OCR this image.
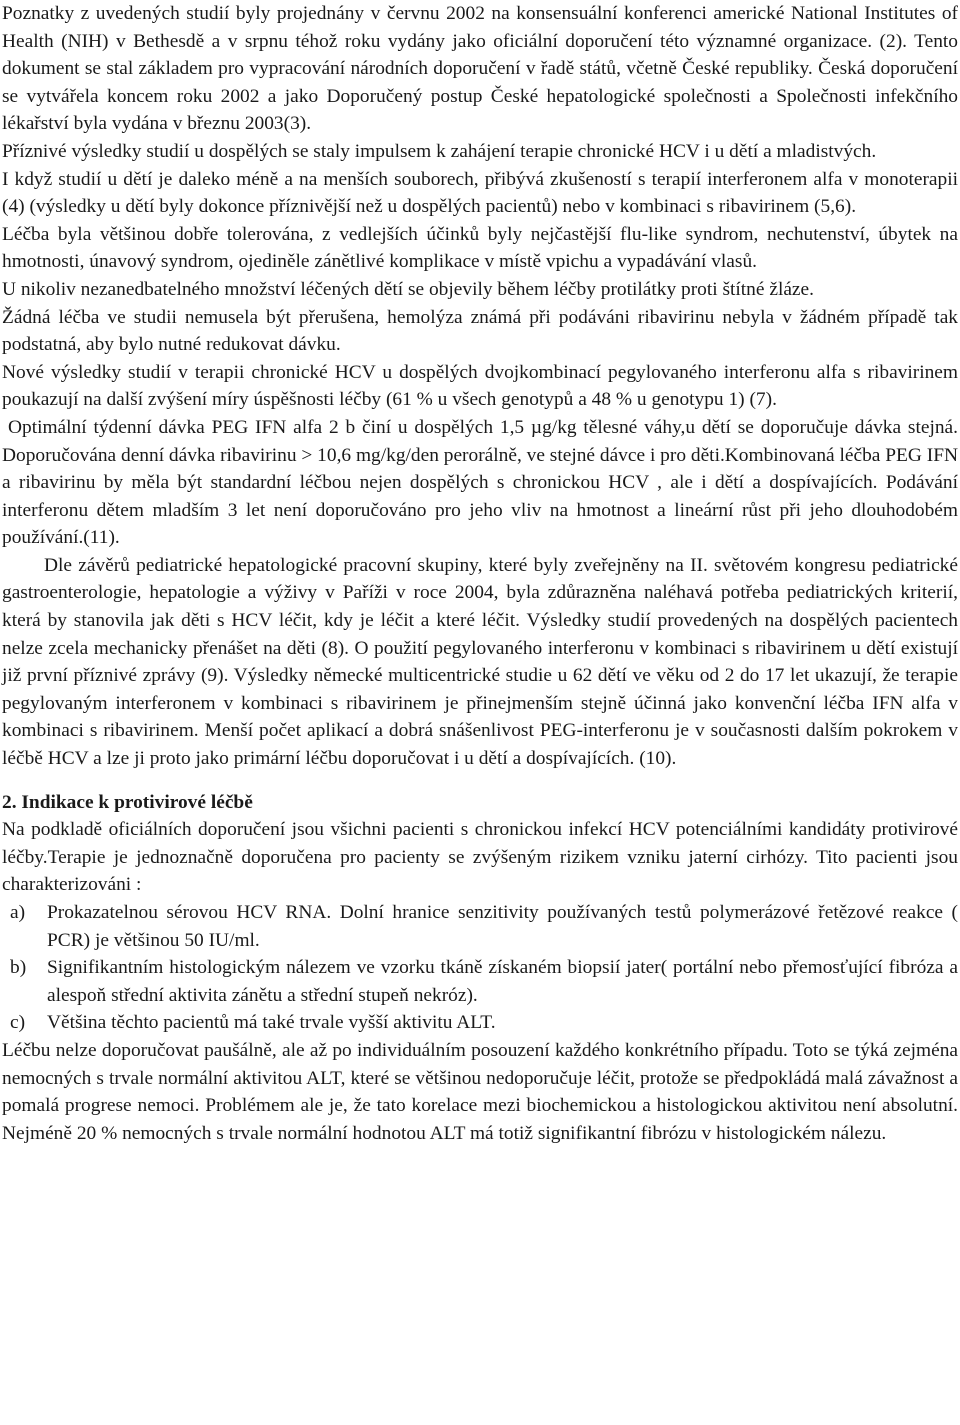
Poznatky z uvedených studií byly projednány v červnu 2002 na konsensuální konferenci americké National Institutes of Health (NIH) v Bethesdě a v srpnu téhož roku vydány jako oficiální doporučení této významné organizace. (2). Tento dokument se stal základem pro vypracování národních doporučení v řadě států, včetně České republiky. Česká doporučení se vytvářela koncem roku 2002 a jako Doporučený postup České hepatologické společnosti a Společnosti infekčního lékařství byla vydána v březnu 2003(3).

Příznivé výsledky studií u dospělých se staly impulsem k zahájení terapie chronické HCV i u dětí a mladistvých.

I když studií u dětí je daleko méně a na menších souborech, přibývá zkušeností s terapií interferonem alfa v monoterapii (4) (výsledky u dětí byly dokonce příznivější než u dospělých pacientů) nebo v kombinaci s ribavirinem (5,6).

Léčba byla většinou dobře tolerována, z vedlejších účinků byly nejčastější flu-like syndrom, nechutenství, úbytek na hmotnosti, únavový syndrom, ojediněle zánětlivé komplikace v místě vpichu a vypadávání vlasů.

U nikoliv nezanedbatelného množství léčených dětí se objevily během léčby protilátky proti štítné žláze.

Žádná léčba ve studii nemusela být přerušena, hemolýza známá při podáváni ribavirinu nebyla v žádném případě tak podstatná, aby bylo nutné redukovat dávku.

Nové výsledky studií v terapii chronické HCV u dospělých dvojkombinací pegylovaného interferonu alfa s ribavirinem poukazují na další zvýšení míry úspěšnosti léčby (61 % u všech genotypů a 48 % u genotypu 1) (7).

Optimální týdenní dávka PEG IFN alfa 2 b činí u dospělých 1,5 µg/kg tělesné váhy,u dětí se doporučuje dávka stejná. Doporučována denní dávka ribavirinu > 10,6 mg/kg/den perorálně, ve stejné dávce i pro děti.Kombinovaná léčba PEG IFN a ribavirinu by měla být standardní léčbou nejen dospělých s chronickou HCV , ale i dětí a dospívajících. Podávání interferonu dětem mladším 3 let není doporučováno pro jeho vliv na hmotnost a lineární růst při jeho dlouhodobém používání.(11).

Dle závěrů pediatrické hepatologické pracovní skupiny, které byly zveřejněny na II. světovém kongresu pediatrické gastroenterologie, hepatologie a výživy v Paříži v roce 2004, byla zdůrazněna naléhavá potřeba pediatrických kriterií, která by stanovila jak děti s HCV léčit, kdy je léčit a které léčit. Výsledky studií provedených na dospělých pacientech nelze zcela mechanicky přenášet na děti (8). O použití pegylovaného interferonu v kombinaci s ribavirinem u dětí existují již první příznivé zprávy (9). Výsledky německé multicentrické studie u 62 dětí ve věku od 2 do 17 let ukazují, že terapie pegylovaným interferonem v kombinaci s ribavirinem je přinejmenším stejně účinná jako konvenční léčba IFN alfa v kombinaci s ribavirinem. Menší počet aplikací a dobrá snášenlivost PEG-interferonu je v současnosti dalším pokrokem v léčbě HCV a lze ji proto jako primární léčbu doporučovat i u dětí a dospívajících. (10).

2. Indikace k protivirové léčbě

Na podkladě oficiálních doporučení jsou všichni pacienti s chronickou infekcí HCV potenciálními kandidáty protivirové léčby.Terapie je jednoznačně doporučena pro pacienty se zvýšeným rizikem vzniku jaterní cirhózy. Tito pacienti jsou charakterizováni :

a)	Prokazatelnou sérovou HCV RNA. Dolní hranice senzitivity používaných testů polymerázové řetězové reakce ( PCR) je většinou 50 IU/ml.
b)	Signifikantním histologickým nálezem ve vzorku tkáně získaném biopsií jater( portální nebo přemosťující fibróza a alespoň střední aktivita zánětu a střední stupeň nekróz).
c)	Většina těchto pacientů má také trvale vyšší aktivitu ALT.

Léčbu nelze doporučovat paušálně, ale až po individuálním posouzení každého konkrétního případu. Toto se týká zejména nemocných s trvale normální aktivitou ALT, které se většinou nedoporučuje léčit, protože se předpokládá malá závažnost a pomalá progrese nemoci. Problémem ale je, že tato korelace mezi biochemickou a histologickou aktivitou není absolutní. Nejméně 20 % nemocných s trvale normální hodnotou ALT má totiž signifikantní fibrózu v histologickém nálezu.
